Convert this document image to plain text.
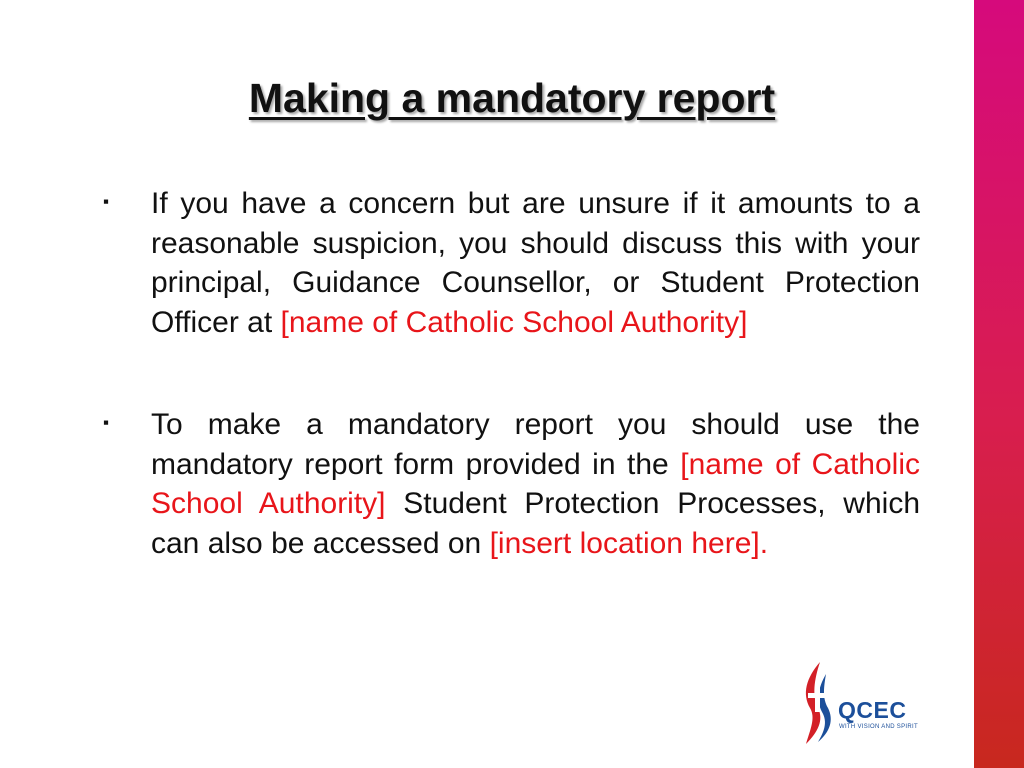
Making a mandatory report
▪ If you have a concern but are unsure if it amounts to a reasonable suspicion, you should discuss this with your principal, Guidance Counsellor, or Student Protection Officer at [name of Catholic School Authority]
▪ To make a mandatory report you should use the mandatory report form provided in the [name of Catholic School Authority] Student Protection Processes, which can also be accessed on [insert location here].
QCEC
WITH VISION AND SPIRIT
